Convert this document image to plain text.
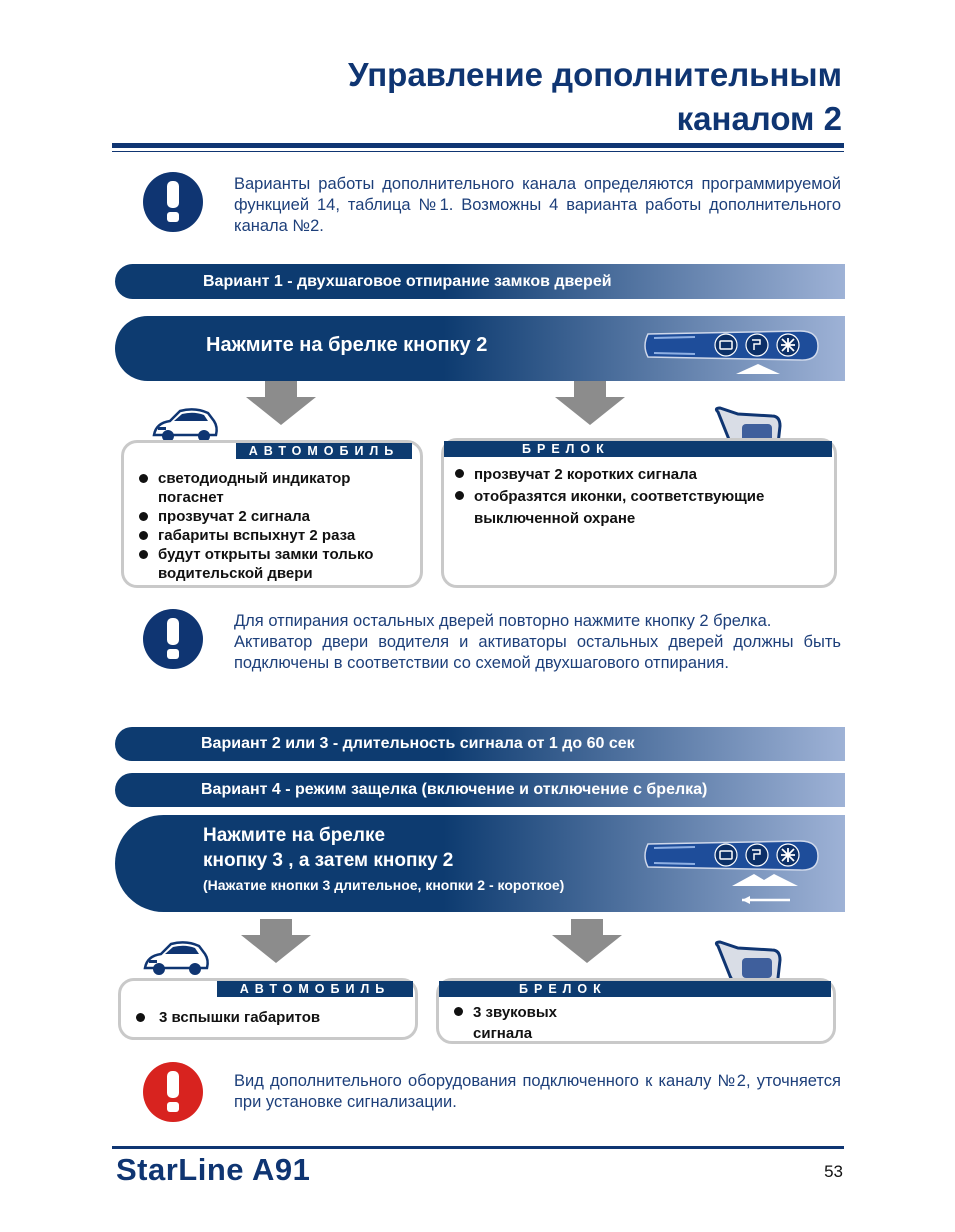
Управление дополнительным
каналом 2

Варианты работы дополнительного канала определяются программируемой функцией 14, таблица №1. Возможны 4 варианта работы дополнительного канала №2.

Вариант 1 - двухшаговое отпирание замков дверей
Нажмите на брелке кнопку 2
АВТОМОБИЛЬ
светодиодный индикатор погаснет
прозвучат 2 сигнала
габариты вспыхнут 2 раза
будут открыты замки только водительской двери
БРЕЛОК
прозвучат 2 коротких сигнала
отобразятся иконки, соответствующие выключенной охране

Для отпирания остальных дверей повторно нажмите кнопку 2 брелка.

Активатор двери водителя и активаторы остальных дверей должны быть подключены в соответствии со схемой двухшагового отпирания.

Вариант 2 или 3 - длительность сигнала от 1 до 60 сек
Вариант 4 - режим защелка (включение и отключение с брелка)
Нажмите на брелке
кнопку 3 , а затем кнопку 2
(Нажатие кнопки 3 длительное, кнопки 2 - короткое)
АВТОМОБИЛЬ
3 вспышки габаритов
БРЕЛОК
3 звуковых сигнала

Вид дополнительного оборудования подключенного к каналу №2, уточняется при установке сигнализации.

StarLine A91	53
